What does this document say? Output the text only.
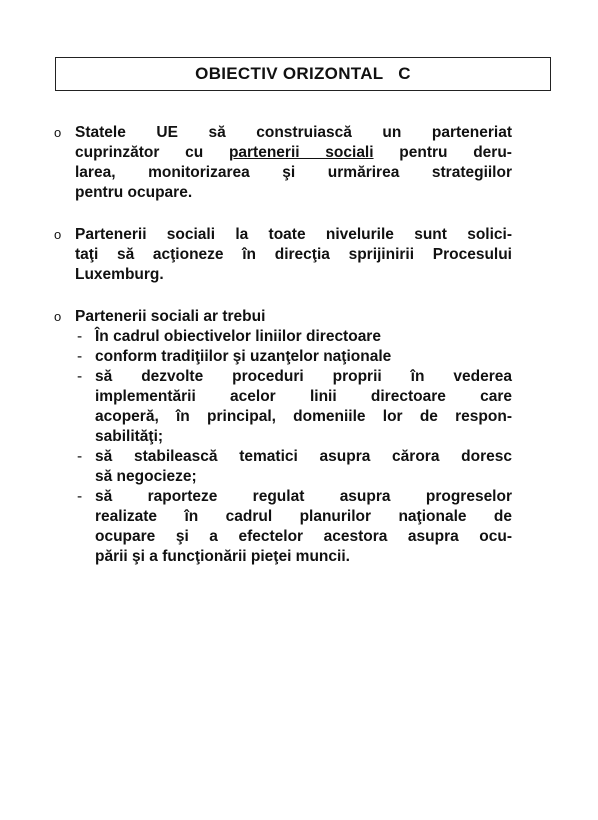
OBIECTIV ORIZONTAL   C
o Statele UE să construiască un parteneriat
cuprinzător cu partenerii sociali pentru deru-
larea, monitorizarea şi urmărirea strategiilor
pentru ocupare.
o Partenerii sociali la toate nivelurile sunt solici-
taţi să acţioneze în direcţia sprijinirii Procesului
Luxemburg.
o Partenerii sociali ar trebui
- În cadrul obiectivelor liniilor directoare
- conform tradiţiilor şi uzanţelor naţionale
- să dezvolte proceduri proprii în vederea
implementării acelor linii directoare care
acoperă, în principal, domeniile lor de respon-
sabilităţi;
- să stabilească tematici asupra cărora doresc
să negocieze;
- să raporteze regulat asupra progreselor
realizate în cadrul planurilor naţionale de
ocupare şi a efectelor acestora asupra ocu-
pării şi a funcţionării pieţei muncii.
